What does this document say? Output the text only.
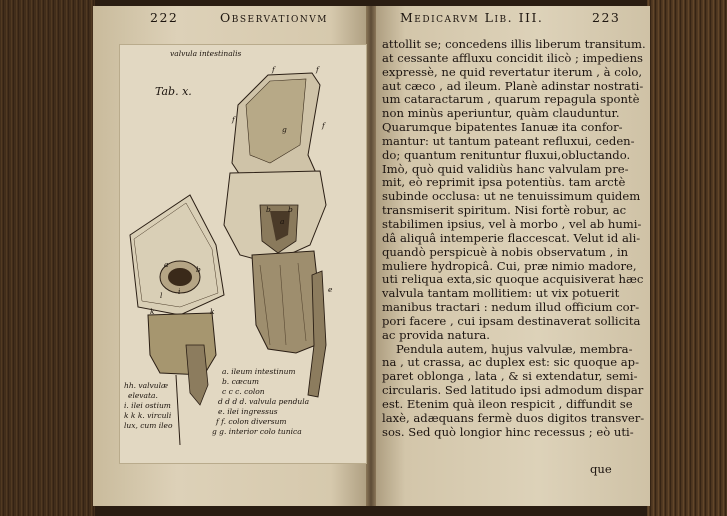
222	Observationvm	Medicarvm Lib. III.	223
valvula intestinalis
Tab. x.
f	f
f
f
g
b b
a
a
b
i
l
k	k
e
hh. valvulæ
elevata.
i. ilei ostium
k k k. virculi
lux, cum ileo
a. ileum intestinum
b. cæcum
c c c. colon
d d d d. valvula pendula
e. ilei ingressus
f f. colon diversum
g g. interior colo tunica
attollit se; concedens illis liberum transitum.
at cessante affluxu concidit ilicò ; impediens
expressè, ne quid revertatur iterum , à colo,
aut cæco , ad ileum. Planè adinstar nostrati-
um cataractarum , quarum repagula spontè
non minùs aperiuntur, quàm clauduntur.
Quarumque bipatentes Ianuæ ita confor-
mantur: ut tantum pateant refluxui, ceden-
do; quantum renituntur fluxui,obluctando.
Imò, quò quid validiùs hanc valvulam pre-
mit, eò reprimit ipsa potentiùs. tam arctè
subinde occlusa: ut ne tenuissimum quidem
transmiserit spiritum. Nisi fortè robur, ac
stabilimen ipsius, vel à morbo , vel ab humi-
dâ aliquâ intemperie flaccescat. Velut id ali-
quandò perspicuè à nobis observatum , in
muliere hydropicâ. Cui, præ nimio madore,
uti reliqua exta,sic quoque acquisiverat hæc
valvula tantam mollitiem: ut vix potuerit
manibus tractari : nedum illud officium cor-
pori facere , cui ipsam destinaverat sollicita
ac provida natura.
Pendula autem, hujus valvulæ, membra-
na , ut crassa, ac duplex est: sic quoque ap-
paret oblonga , lata , & si extendatur, semi-
circularis. Sed latitudo ipsi admodum dispar
est. Etenim quà ileon respicit , diffundit se
laxè, adæquans fermè duos digitos transver-
sos. Sed quò longior hinc recessus ; eò uti-
que
